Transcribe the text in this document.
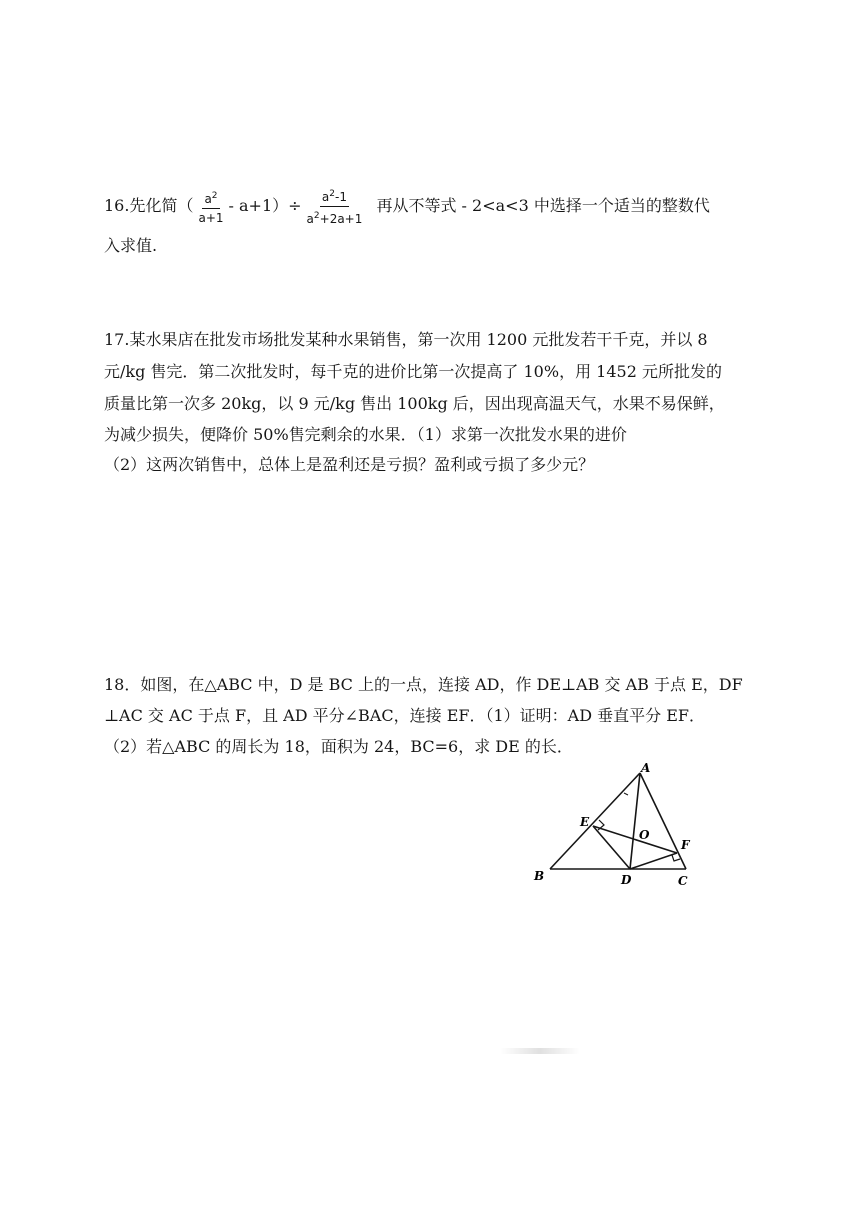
16.先化简（ $\frac{a^2}{a+1} - a+1)\div \frac{a^2-1}{a^2+2a+1}$ 再从不等式 - 2<a<3 中选择一个适当的整数代
入求值.
17.某水果店在批发市场批发某种水果销售，第一次用 1200 元批发若干千克，并以 8
元/kg 售完．第二次批发时，每千克的进价比第一次提高了 10%，用 1452 元所批发的
质量比第一次多 20kg，以 9 元/kg 售出 100kg 后，因出现高温天气，水果不易保鲜，
为减少损失，便降价 50%售完剩余的水果．（1）求第一次批发水果的进价
（2）这两次销售中，总体上是盈利还是亏损？盈利或亏损了多少元？
18．如图，在△ABC 中，D 是 BC 上的一点，连接 AD，作 DE⊥AB 交 AB 于点 E，DF
⊥AC 交 AC 于点 F，且 AD 平分∠BAC，连接 EF．（1）证明：AD 垂直平分 EF．
（2）若△ABC 的周长为 18，面积为 24，BC=6，求 DE 的长．
A
B	C
D
E
F
O
